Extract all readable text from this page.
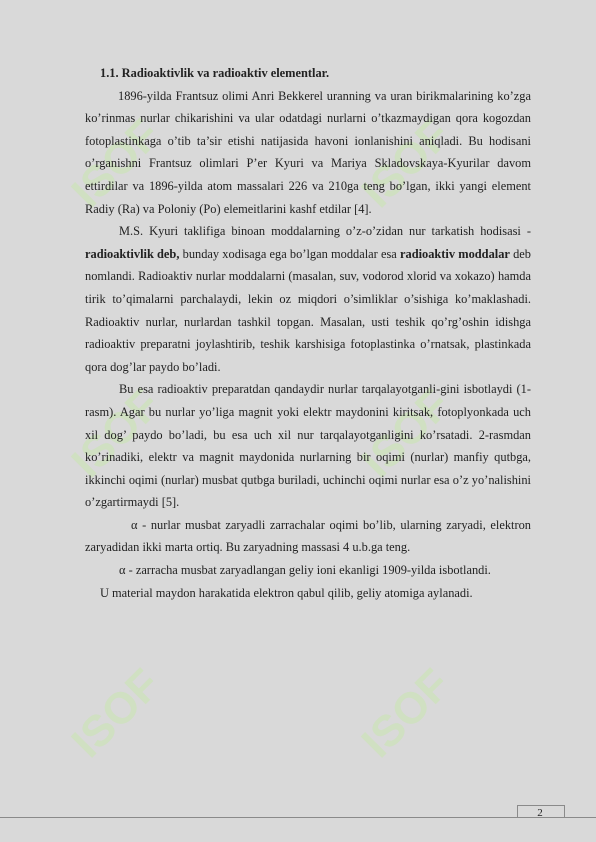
ISOF	ISOF
ISOF	ISOF
ISOF	ISOF
1.1. Radioaktivlik va radioaktiv elementlar.

1896-yilda Frantsuz olimi Anri Bekkerel uranning va uran birikmalarining ko’zga ko’rinmas nurlar chikarishini va ular odatdagi nurlarni o’tkazmaydigan qora kogozdan fotoplastinkaga o’tib ta’sir etishi natijasida havoni ionlanishini aniqladi. Bu hodisani o’rganishni Frantsuz olimlari P’er Kyuri va Mariya Skladovskaya-Kyurilar davom ettirdilar va 1896-yilda atom massalari 226 va 210ga teng bo’lgan, ikki yangi element Radiy (Ra) va Poloniy (Po) elemeitlarini kashf etdilar [4].

M.S. Kyuri taklifiga binoan moddalarning o’z-o’zidan nur tarkatish hodisasi - radioaktivlik deb, bunday xodisaga ega bo’lgan moddalar esa radioaktiv moddalar deb nomlandi. Radioaktiv nurlar moddalarni (masalan, suv, vodorod xlorid va xokazo) hamda tirik to’qimalarni parchalaydi, lekin oz miqdori o’simliklar o’sishiga ko’maklashadi. Radioaktiv nurlar, nurlardan tashkil topgan. Masalan, usti teshik qo’rg’oshin idishga radioaktiv preparatni joylashtirib, teshik karshisiga fotoplastinka o’rnatsak, plastinkada qora dog’lar paydo bo’ladi.

Bu esa radioaktiv preparatdan qandaydir nurlar tarqalayotganli-gini isbotlaydi (1-rasm). Agar bu nurlar yo’liga magnit yoki elektr maydonini kiritsak, fotoplyonkada uch xil dog’ paydo bo’ladi, bu esa uch xil nur tarqalayotganligini ko’rsatadi. 2-rasmdan ko’rinadiki, elektr va magnit maydonida nurlarning bir oqimi (nurlar) manfiy qutbga, ikkinchi oqimi (nurlar) musbat qutbga buriladi, uchinchi oqimi nurlar esa o’z yo’nalishini o’zgartirmaydi [5].

α - nurlar musbat zaryadli zarrachalar oqimi bo’lib, ularning zaryadi, elektron zaryadidan ikki marta ortiq. Bu zaryadning massasi 4 u.b.ga teng.

α - zarracha musbat zaryadlangan geliy ioni ekanligi 1909-yilda isbotlandi.

U material maydon harakatida elektron qabul qilib, geliy atomiga aylanadi.

2
